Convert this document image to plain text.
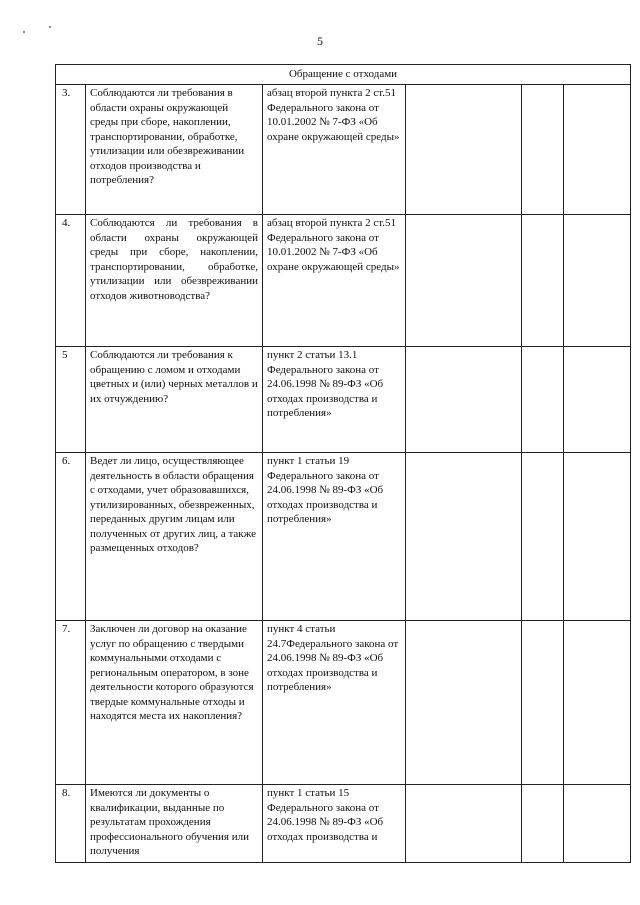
5
Обращение с отходами					
3.	Соблюдаются ли требования в области охраны окружающей среды при сборе, накоплении, транспортировании, обработке, утилизации или обезвреживании отходов производства и потребления?	абзац второй пункта 2 ст.51 Федерального закона от 10.01.2002 № 7-ФЗ «Об охране окружающей среды»			
4.	Соблюдаются ли требования в области охраны окружающей среды при сборе, накоплении, транспортировании, обработке, утилизации или обезвреживании отходов животноводства?	абзац второй пункта 2 ст.51 Федерального закона от 10.01.2002 № 7-ФЗ «Об охране окружающей среды»			
5	Соблюдаются ли требования к обращению с ломом и отходами цветных и (или) черных металлов и их отчуждению?	пункт 2 статьи 13.1 Федерального закона от 24.06.1998 № 89-ФЗ «Об отходах производства и потребления»			
6.	Ведет ли лицо, осуществляющее деятельность в области обращения с отходами, учет образовавшихся, утилизированных, обезвреженных, переданных другим лицам или полученных от других лиц, а также размещенных отходов?	пункт 1 статьи 19 Федерального закона от 24.06.1998 № 89-ФЗ «Об отходах производства и потребления»			
7.	Заключен ли договор на оказание услуг по обращению с твердыми коммунальными отходами с региональным оператором, в зоне деятельности которого образуются твердые коммунальные отходы и находятся места их накопления?	пункт 4 статьи 24.7Федерального закона от 24.06.1998 № 89-ФЗ «Об отходах производства и потребления»			
8.	Имеются ли документы о квалификации, выданные по результатам прохождения профессионального обучения или получения	пункт 1 статьи 15 Федерального закона от 24.06.1998 № 89-ФЗ «Об отходах производства и			
